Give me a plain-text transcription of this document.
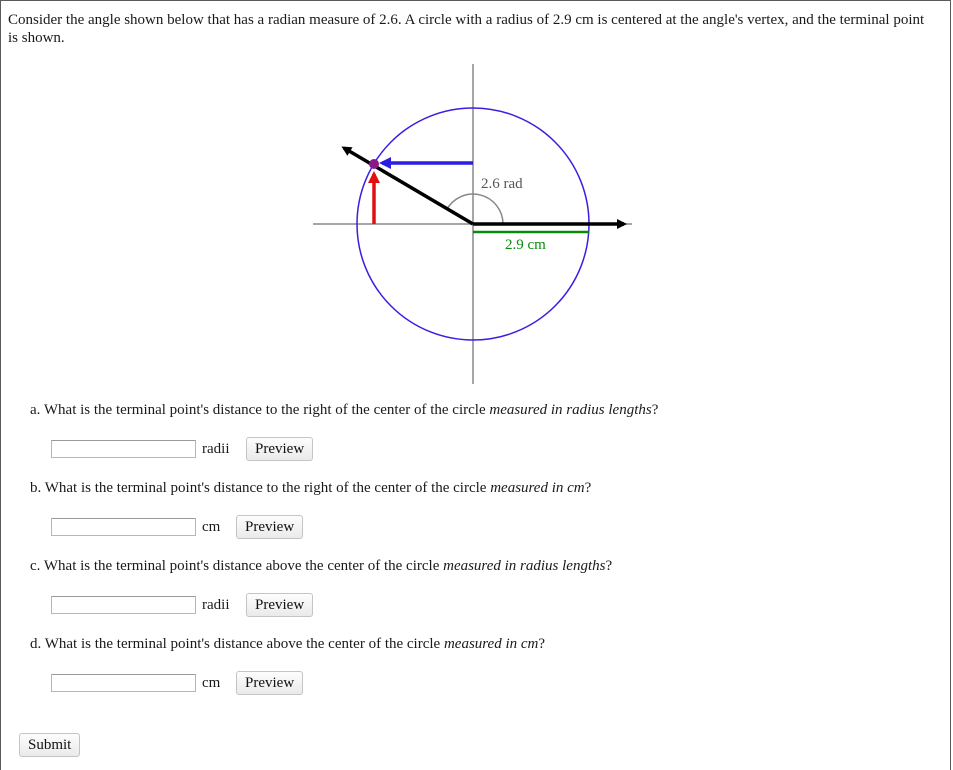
Consider the angle shown below that has a radian measure of 2.6. A circle with a radius of 2.9 cm is centered at the angle's vertex, and the terminal point is shown.
2.6 rad
2.9 cm
a. What is the terminal point's distance to the right of the center of the circle measured in radius lengths?
radii	Preview
b. What is the terminal point's distance to the right of the center of the circle measured in cm?
cm	Preview
c. What is the terminal point's distance above the center of the circle measured in radius lengths?
radii	Preview
d. What is the terminal point's distance above the center of the circle measured in cm?
cm	Preview
Submit
